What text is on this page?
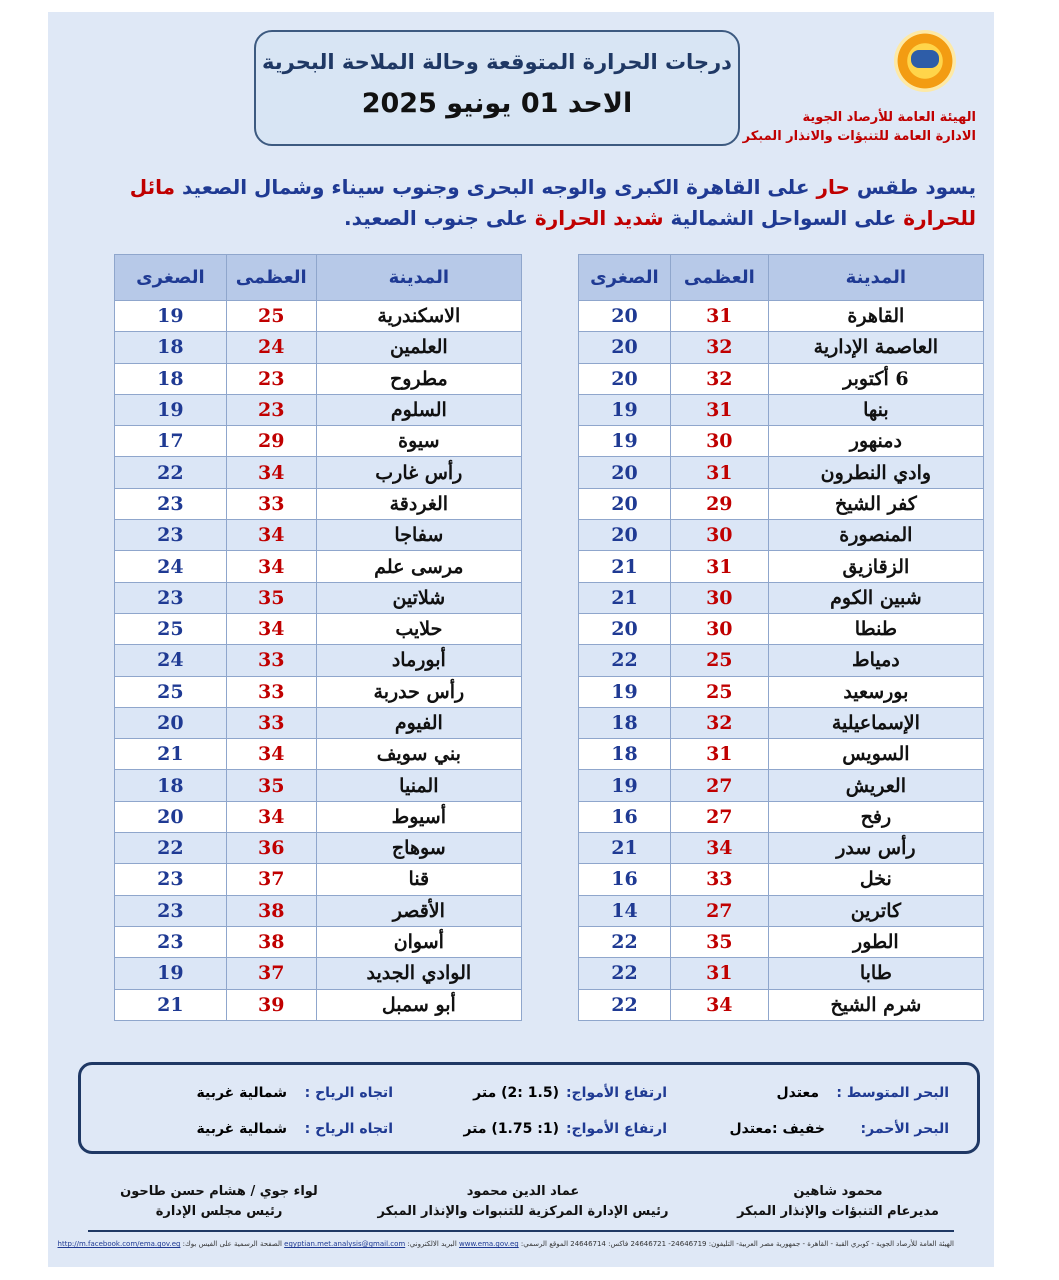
درجات الحرارة المتوقعة وحالة الملاحة البحرية
الاحد 01 يونيو 2025	الهيئة العامة للأرصاد الجوية
الادارة العامة للتنبؤات والانذار المبكر
يسود طقس حار على القاهرة الكبرى والوجه البحرى وجنوب سيناء وشمال الصعيد مائل للحرارة على السواحل الشمالية شديد الحرارة على جنوب الصعيد.
المدينة	العظمى	الصغرى
القاهرة	31	20
العاصمة الإدارية	32	20
6 أكتوبر	32	20
بنها	31	19
دمنهور	30	19
وادي النطرون	31	20
كفر الشيخ	29	20
المنصورة	30	20
الزقازيق	31	21
شبين الكوم	30	21
طنطا	30	20
دمياط	25	22
بورسعيد	25	19
الإسماعيلية	32	18
السويس	31	18
العريش	27	19
رفح	27	16
رأس سدر	34	21
نخل	33	16
كاترين	27	14
الطور	35	22
طابا	31	22
شرم الشيخ	34	22
المدينة	العظمى	الصغرى
الاسكندرية	25	19
العلمين	24	18
مطروح	23	18
السلوم	23	19
سيوة	29	17
رأس غارب	34	22
الغردقة	33	23
سفاجا	34	23
مرسى علم	34	24
شلاتين	35	23
حلايب	34	25
أبورماد	33	24
رأس حدربة	33	25
الفيوم	33	20
بني سويف	34	21
المنيا	35	18
أسيوط	34	20
سوهاج	36	22
قنا	37	23
الأقصر	38	23
أسوان	38	23
الوادي الجديد	37	19
أبو سمبل	39	21
البحر المتوسط :
معتدل
ارتفاع الأمواج:
(1.5 :2) متر
اتجاه الرياح :
شمالية غربية
البحر الأحمر:
خفيف :معتدل
ارتفاع الأمواج:
(1: 1.75) متر
اتجاه الرياح :
شمالية غربية
محمود شاهين
مديرعام التنبؤات والإنذار المبكر
عماد الدين محمود
رئيس الإدارة المركزية للتنبوات والإنذار المبكر
لواء جوي / هشام حسن طاحون
رئيس مجلس الإدارة
الهيئة العامة للأرصاد الجوية - كوبري القبة - القاهرة - جمهورية مصر العربية- التليفون: 24646719- 24646721 فاكس: 24646714 الموقع الرسمي: www.ema.gov.eg البريد الالكتروني: egyptian.met.analysis@gmail.com الصفحة الرسمية على الفيس بوك: http://m.facebook.com/ema.gov.eg
